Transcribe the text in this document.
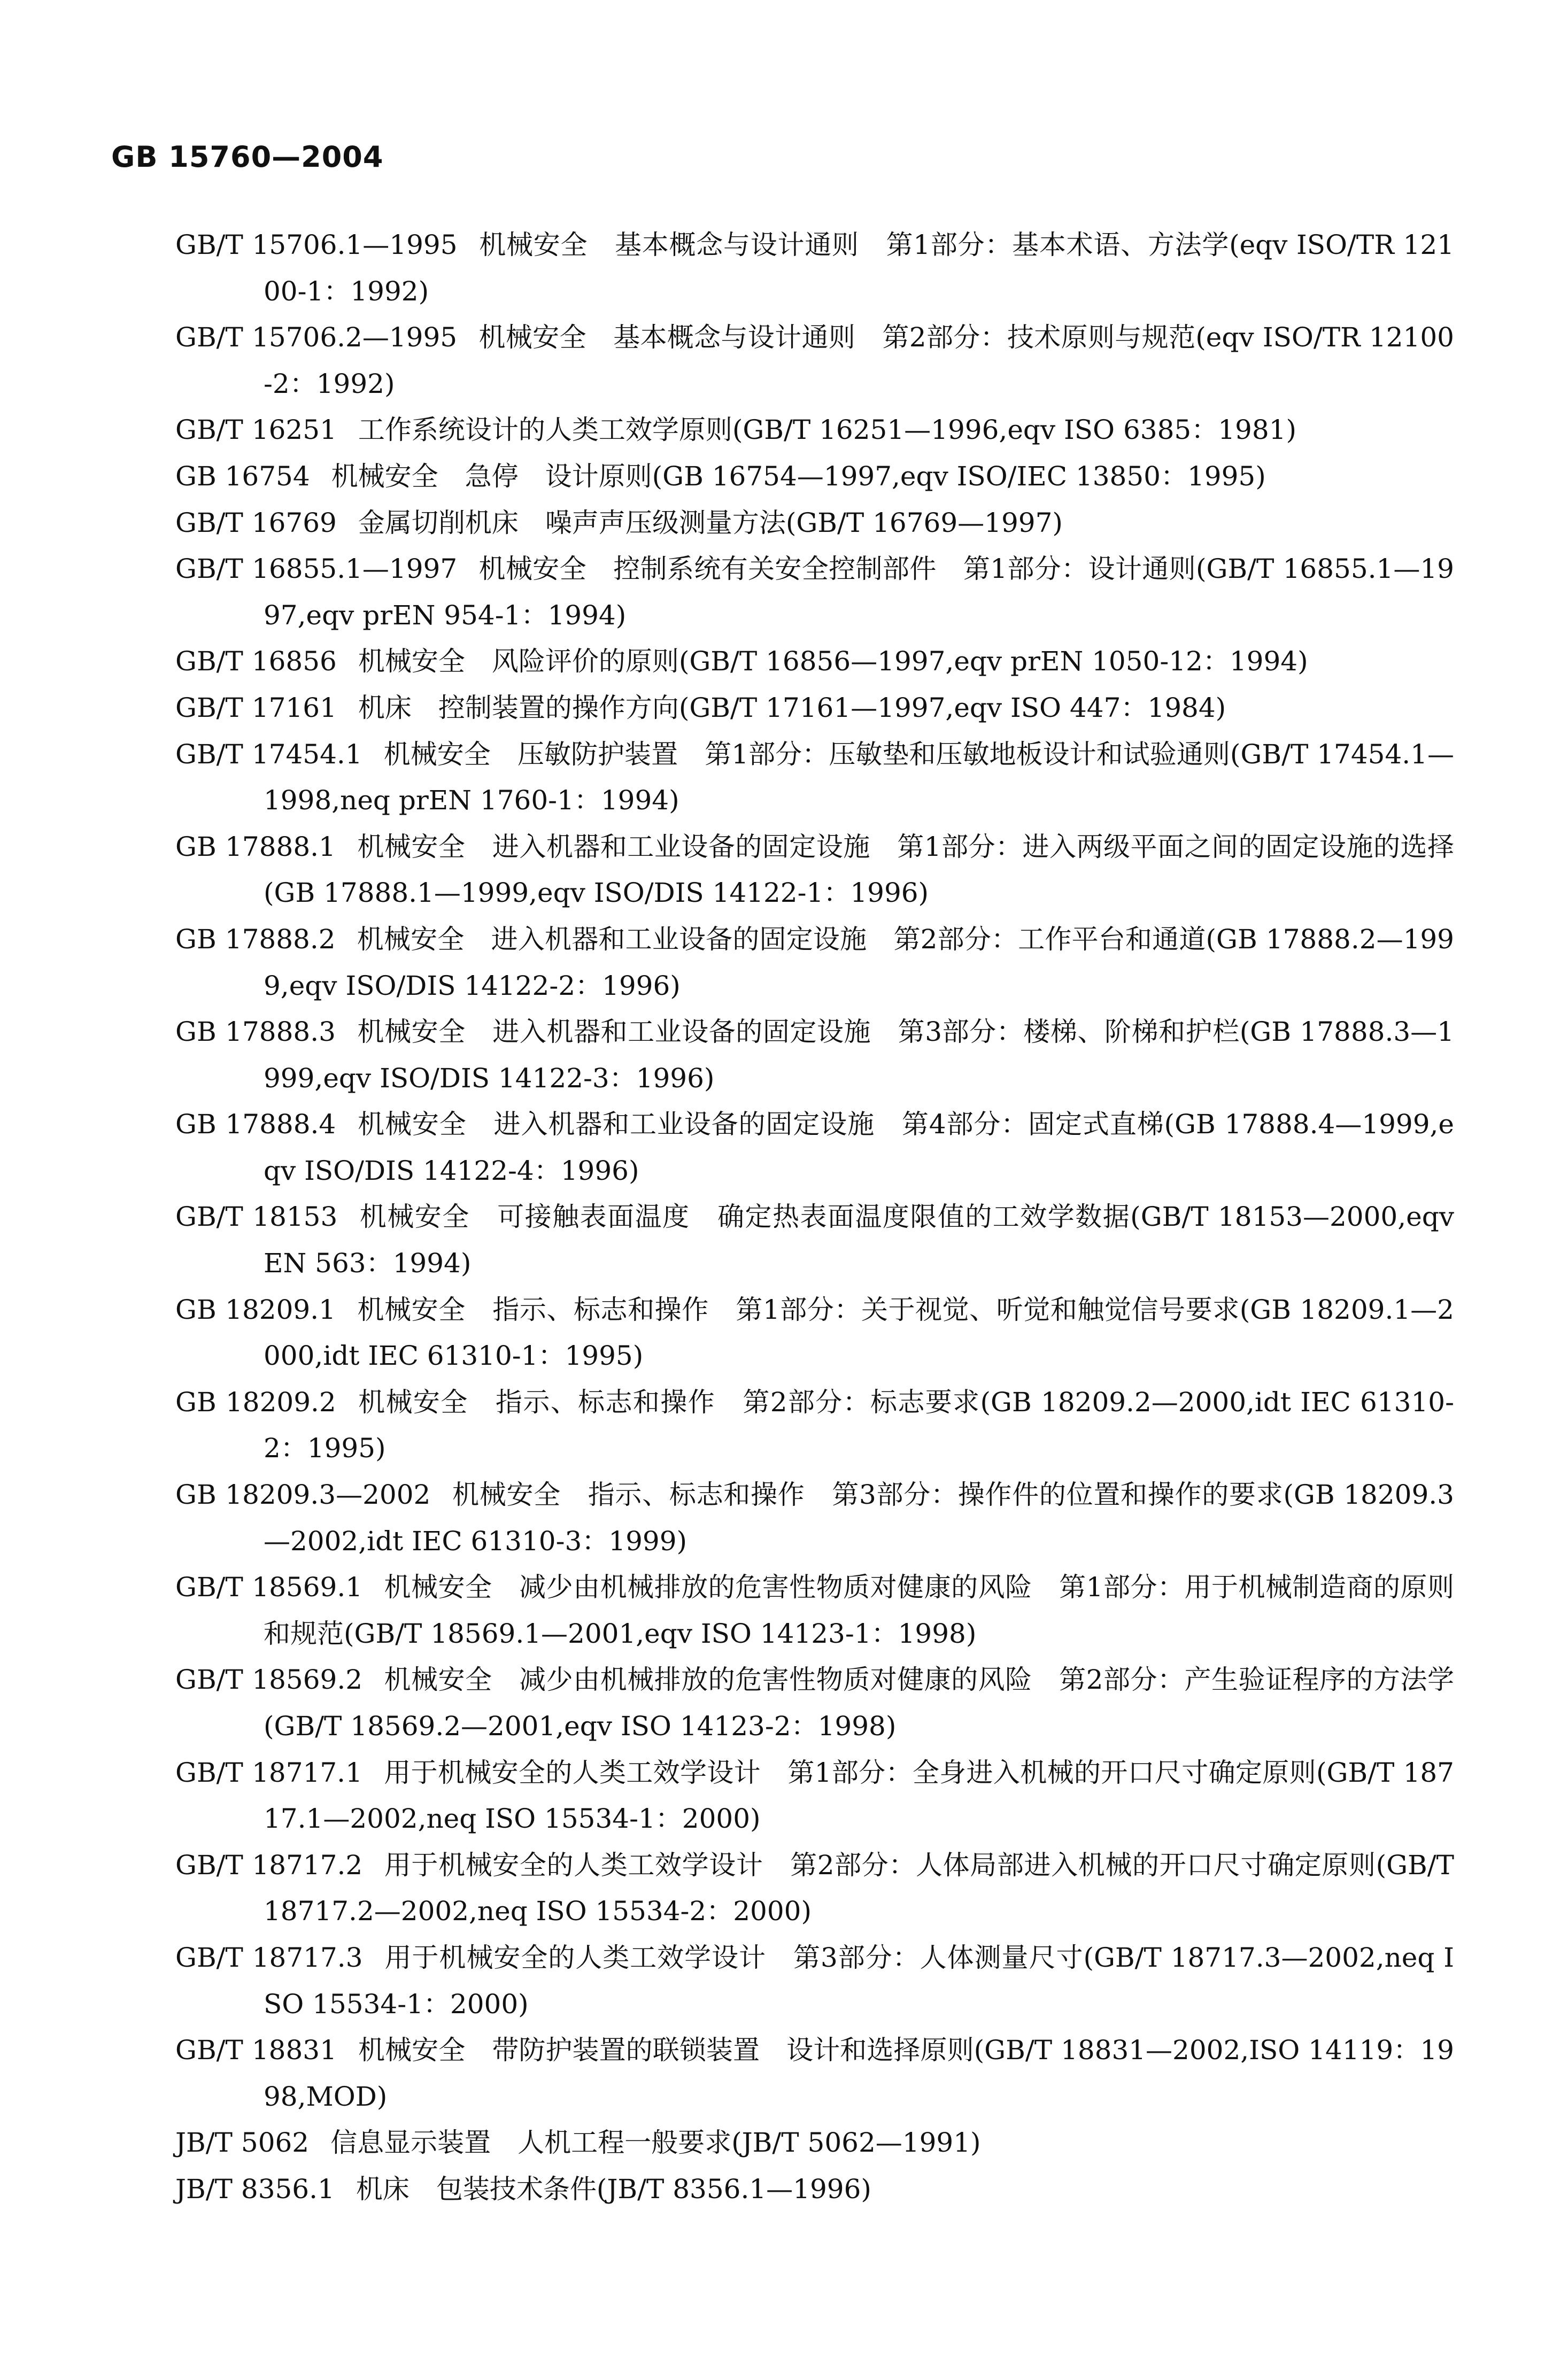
GB 15760—2004
GB/T 15706.1—1995 机械安全　基本概念与设计通则　第1部分：基本术语、方法学(eqv ISO/TR 12100-1：1992)
GB/T 15706.2—1995 机械安全　基本概念与设计通则　第2部分：技术原则与规范(eqv ISO/TR 12100-2：1992)
GB/T 16251 工作系统设计的人类工效学原则(GB/T 16251—1996,eqv ISO 6385：1981)
GB 16754 机械安全　急停　设计原则(GB 16754—1997,eqv ISO/IEC 13850：1995)
GB/T 16769 金属切削机床　噪声声压级测量方法(GB/T 16769—1997)
GB/T 16855.1—1997 机械安全　控制系统有关安全控制部件　第1部分：设计通则(GB/T 16855.1—1997,eqv prEN 954-1：1994)
GB/T 16856 机械安全　风险评价的原则(GB/T 16856—1997,eqv prEN 1050-12：1994)
GB/T 17161 机床　控制装置的操作方向(GB/T 17161—1997,eqv ISO 447：1984)
GB/T 17454.1 机械安全　压敏防护装置　第1部分：压敏垫和压敏地板设计和试验通则(GB/T 17454.1—1998,neq prEN 1760-1：1994)
GB 17888.1 机械安全　进入机器和工业设备的固定设施　第1部分：进入两级平面之间的固定设施的选择(GB 17888.1—1999,eqv ISO/DIS 14122-1：1996)
GB 17888.2 机械安全　进入机器和工业设备的固定设施　第2部分：工作平台和通道(GB 17888.2—1999,eqv ISO/DIS 14122-2：1996)
GB 17888.3 机械安全　进入机器和工业设备的固定设施　第3部分：楼梯、阶梯和护栏(GB 17888.3—1999,eqv ISO/DIS 14122-3：1996)
GB 17888.4 机械安全　进入机器和工业设备的固定设施　第4部分：固定式直梯(GB 17888.4—1999,eqv ISO/DIS 14122-4：1996)
GB/T 18153 机械安全　可接触表面温度　确定热表面温度限值的工效学数据(GB/T 18153—2000,eqv EN 563：1994)
GB 18209.1 机械安全　指示、标志和操作　第1部分：关于视觉、听觉和触觉信号要求(GB 18209.1—2000,idt IEC 61310-1：1995)
GB 18209.2 机械安全　指示、标志和操作　第2部分：标志要求(GB 18209.2—2000,idt IEC 61310-2：1995)
GB 18209.3—2002 机械安全　指示、标志和操作　第3部分：操作件的位置和操作的要求(GB 18209.3—2002,idt IEC 61310-3：1999)
GB/T 18569.1 机械安全　减少由机械排放的危害性物质对健康的风险　第1部分：用于机械制造商的原则和规范(GB/T 18569.1—2001,eqv ISO 14123-1：1998)
GB/T 18569.2 机械安全　减少由机械排放的危害性物质对健康的风险　第2部分：产生验证程序的方法学(GB/T 18569.2—2001,eqv ISO 14123-2：1998)
GB/T 18717.1 用于机械安全的人类工效学设计　第1部分：全身进入机械的开口尺寸确定原则(GB/T 18717.1—2002,neq ISO 15534-1：2000)
GB/T 18717.2 用于机械安全的人类工效学设计　第2部分：人体局部进入机械的开口尺寸确定原则(GB/T 18717.2—2002,neq ISO 15534-2：2000)
GB/T 18717.3 用于机械安全的人类工效学设计　第3部分：人体测量尺寸(GB/T 18717.3—2002,neq ISO 15534-1：2000)
GB/T 18831 机械安全　带防护装置的联锁装置　设计和选择原则(GB/T 18831—2002,ISO 14119：1998,MOD)
JB/T 5062 信息显示装置　人机工程一般要求(JB/T 5062—1991)
JB/T 8356.1 机床　包装技术条件(JB/T 8356.1—1996)
